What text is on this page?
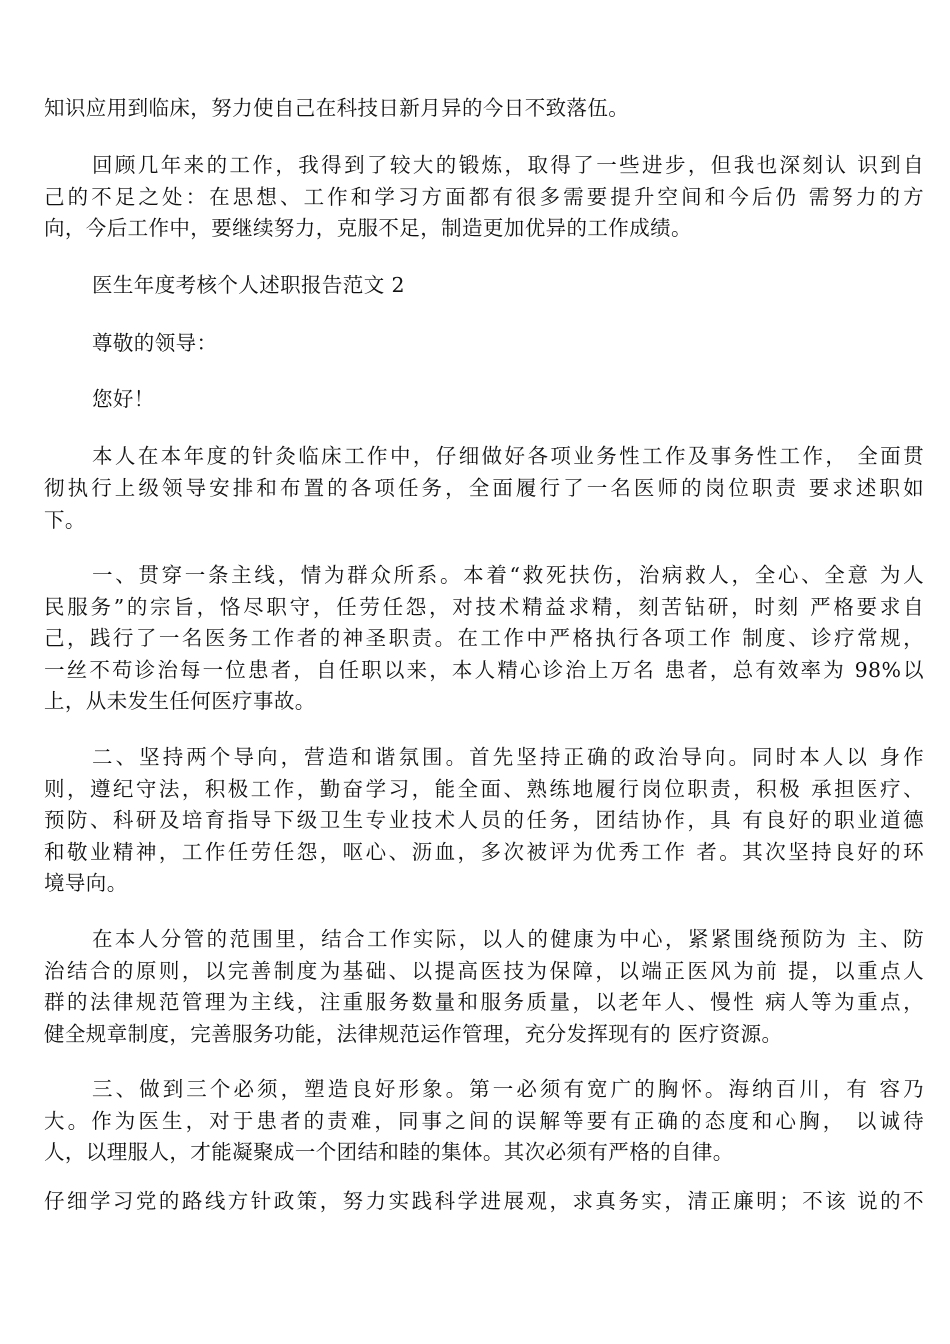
知识应用到临床，努力使自己在科技日新月异的今日不致落伍。
回顾几年来的工作，我得到了较大的锻炼，取得了一些进步，但我也深刻认 识到自
己的不足之处：在思想、工作和学习方面都有很多需要提升空间和今后仍 需努力的方
向，今后工作中，要继续努力，克服不足，制造更加优异的工作成绩。
医生年度考核个人述职报告范文 2
尊敬的领导：
您好！
本人在本年度的针灸临床工作中，仔细做好各项业务性工作及事务性工作， 全面贯
彻执行上级领导安排和布置的各项任务，全面履行了一名医师的岗位职责 要求述职如
下。
一、贯穿一条主线，情为群众所系。本着“救死扶伤，治病救人，全心、全意 为人
民服务”的宗旨，恪尽职守，任劳任怨，对技术精益求精，刻苦钻研，时刻 严格要求自
己，践行了一名医务工作者的神圣职责。在工作中严格执行各项工作 制度、诊疗常规，
一丝不苟诊治每一位患者，自任职以来，本人精心诊治上万名 患者，总有效率为 98%以
上，从未发生任何医疗事故。
二、坚持两个导向，营造和谐氛围。首先坚持正确的政治导向。同时本人以 身作
则，遵纪守法，积极工作，勤奋学习，能全面、熟练地履行岗位职责，积极 承担医疗、
预防、科研及培育指导下级卫生专业技术人员的任务，团结协作，具 有良好的职业道德
和敬业精神，工作任劳任怨，呕心、沥血，多次被评为优秀工作 者。其次坚持良好的环
境导向。
在本人分管的范围里，结合工作实际，以人的健康为中心，紧紧围绕预防为 主、防
治结合的原则，以完善制度为基础、以提高医技为保障，以端正医风为前 提，以重点人
群的法律规范管理为主线，注重服务数量和服务质量，以老年人、慢性 病人等为重点，
健全规章制度，完善服务功能，法律规范运作管理，充分发挥现有的 医疗资源。
三、做到三个必须，塑造良好形象。第一必须有宽广的胸怀。海纳百川，有 容乃
大。作为医生，对于患者的责难，同事之间的误解等要有正确的态度和心胸， 以诚待
人，以理服人，才能凝聚成一个团结和睦的集体。其次必须有严格的自律。
仔细学习党的路线方针政策，努力实践科学进展观，求真务实，清正廉明；不该 说的不
